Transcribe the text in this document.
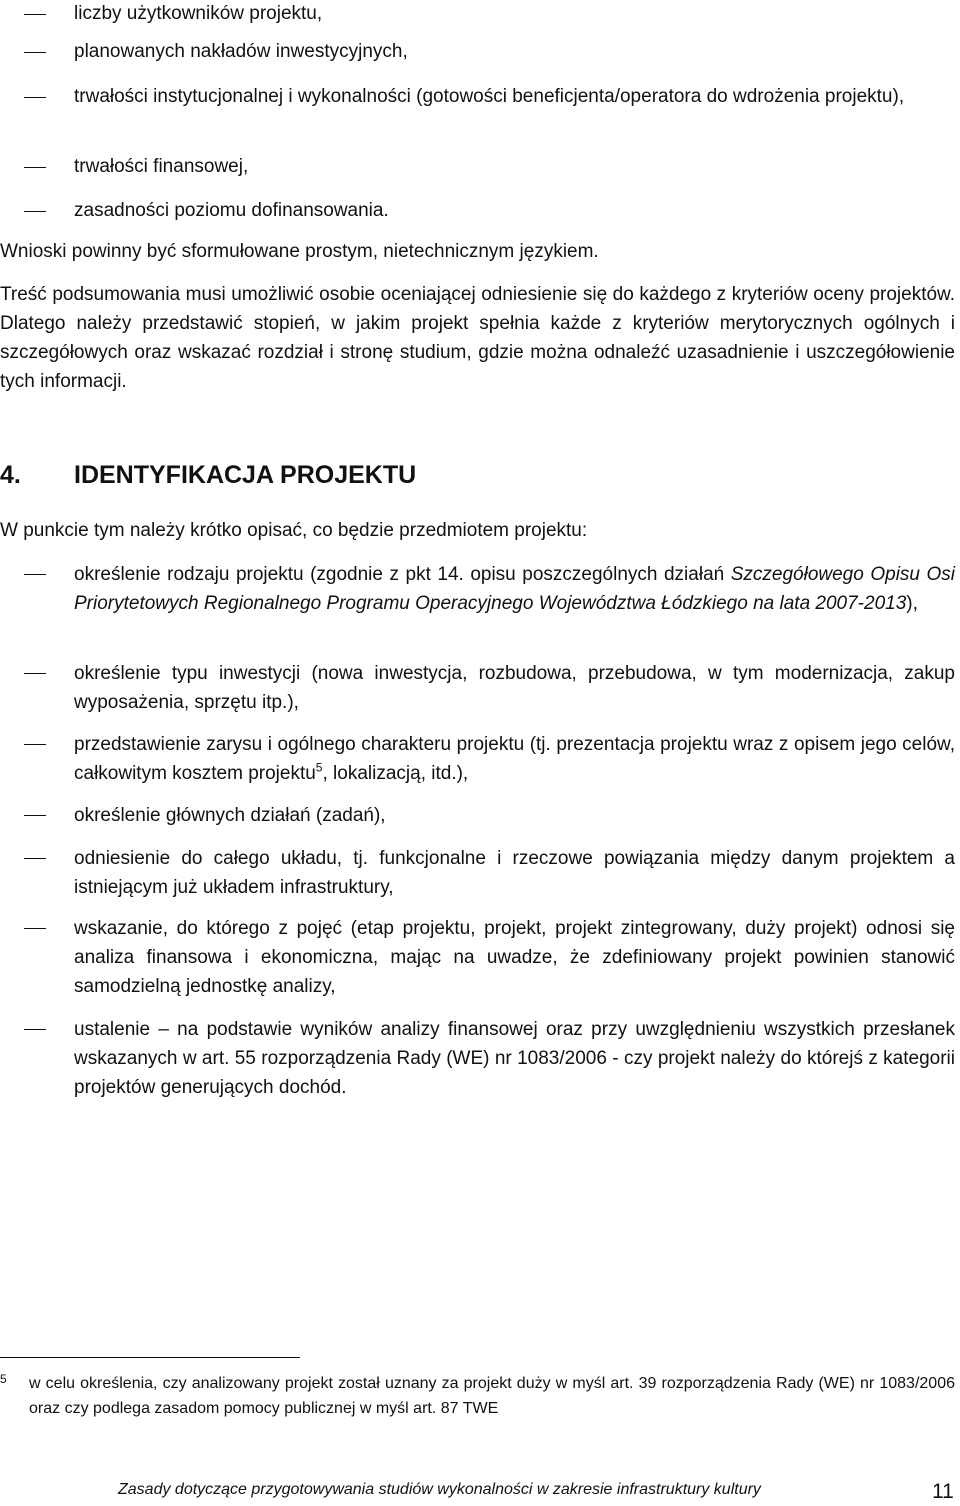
liczby użytkowników projektu,
planowanych nakładów inwestycyjnych,
trwałości instytucjonalnej i wykonalności (gotowości beneficjenta/operatora do wdrożenia projektu),
trwałości finansowej,
zasadności poziomu dofinansowania.
Wnioski powinny być sformułowane prostym, nietechnicznym językiem.
Treść podsumowania musi umożliwić osobie oceniającej odniesienie się do każdego z kryteriów oceny projektów. Dlatego należy przedstawić stopień, w jakim projekt spełnia każde z kryteriów merytorycznych ogólnych i szczegółowych oraz wskazać rozdział i stronę studium, gdzie można odnaleźć uzasadnienie i uszczegółowienie tych informacji.
4. IDENTYFIKACJA PROJEKTU
W punkcie tym należy krótko opisać, co będzie przedmiotem projektu:
określenie rodzaju projektu (zgodnie z pkt 14. opisu poszczególnych działań Szczegółowego Opisu Osi Priorytetowych Regionalnego Programu Operacyjnego Województwa Łódzkiego na lata 2007-2013),
określenie typu inwestycji (nowa inwestycja, rozbudowa, przebudowa, w tym modernizacja, zakup wyposażenia, sprzętu itp.),
przedstawienie zarysu i ogólnego charakteru projektu (tj. prezentacja projektu wraz z opisem jego celów, całkowitym kosztem projektu$^5$, lokalizacją, itd.),
określenie głównych działań (zadań),
odniesienie do całego układu, tj. funkcjonalne i rzeczowe powiązania między danym projektem a istniejącym już układem infrastruktury,
wskazanie, do którego z pojęć (etap projektu, projekt, projekt zintegrowany, duży projekt) odnosi się analiza finansowa i ekonomiczna, mając na uwadze, że zdefiniowany projekt powinien stanowić samodzielną jednostkę analizy,
ustalenie – na podstawie wyników analizy finansowej oraz przy uwzględnieniu wszystkich przesłanek wskazanych w art. 55 rozporządzenia Rady (WE) nr 1083/2006 - czy projekt należy do którejś z kategorii projektów generujących dochód.
5	w celu określenia, czy analizowany projekt został uznany za projekt duży w myśl art. 39 rozporządzenia Rady (WE) nr 1083/2006 oraz czy podlega zasadom pomocy publicznej w myśl art. 87 TWE
Zasady dotyczące przygotowywania studiów wykonalności w zakresie infrastruktury kultury	11
